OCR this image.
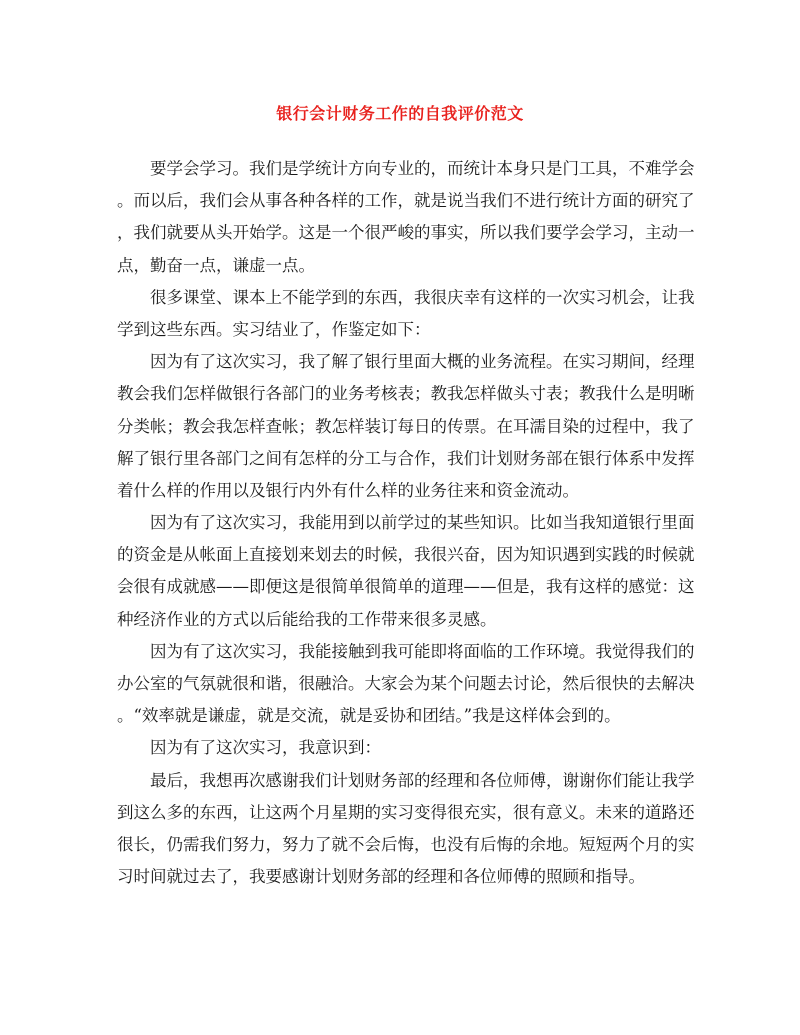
银行会计财务工作的自我评价范文
要学会学习。我们是学统计方向专业的，而统计本身只是门工具，不难学会
。而以后，我们会从事各种各样的工作，就是说当我们不进行统计方面的研究了
，我们就要从头开始学。这是一个很严峻的事实，所以我们要学会学习，主动一
点，勤奋一点，谦虚一点。
很多课堂、课本上不能学到的东西，我很庆幸有这样的一次实习机会，让我
学到这些东西。实习结业了，作鉴定如下：
因为有了这次实习，我了解了银行里面大概的业务流程。在实习期间，经理
教会我们怎样做银行各部门的业务考核表；教我怎样做头寸表；教我什么是明晰
分类帐；教会我怎样查帐；教怎样装订每日的传票。在耳濡目染的过程中，我了
解了银行里各部门之间有怎样的分工与合作，我们计划财务部在银行体系中发挥
着什么样的作用以及银行内外有什么样的业务往来和资金流动。
因为有了这次实习，我能用到以前学过的某些知识。比如当我知道银行里面
的资金是从帐面上直接划来划去的时候，我很兴奋，因为知识遇到实践的时候就
会很有成就感——即便这是很简单很简单的道理——但是，我有这样的感觉：这
种经济作业的方式以后能给我的工作带来很多灵感。
因为有了这次实习，我能接触到我可能即将面临的工作环境。我觉得我们的
办公室的气氛就很和谐，很融洽。大家会为某个问题去讨论，然后很快的去解决
。“效率就是谦虚，就是交流，就是妥协和团结。”我是这样体会到的。
因为有了这次实习，我意识到：
最后，我想再次感谢我们计划财务部的经理和各位师傅，谢谢你们能让我学
到这么多的东西，让这两个月星期的实习变得很充实，很有意义。未来的道路还
很长，仍需我们努力，努力了就不会后悔，也没有后悔的余地。短短两个月的实
习时间就过去了，我要感谢计划财务部的经理和各位师傅的照顾和指导。
